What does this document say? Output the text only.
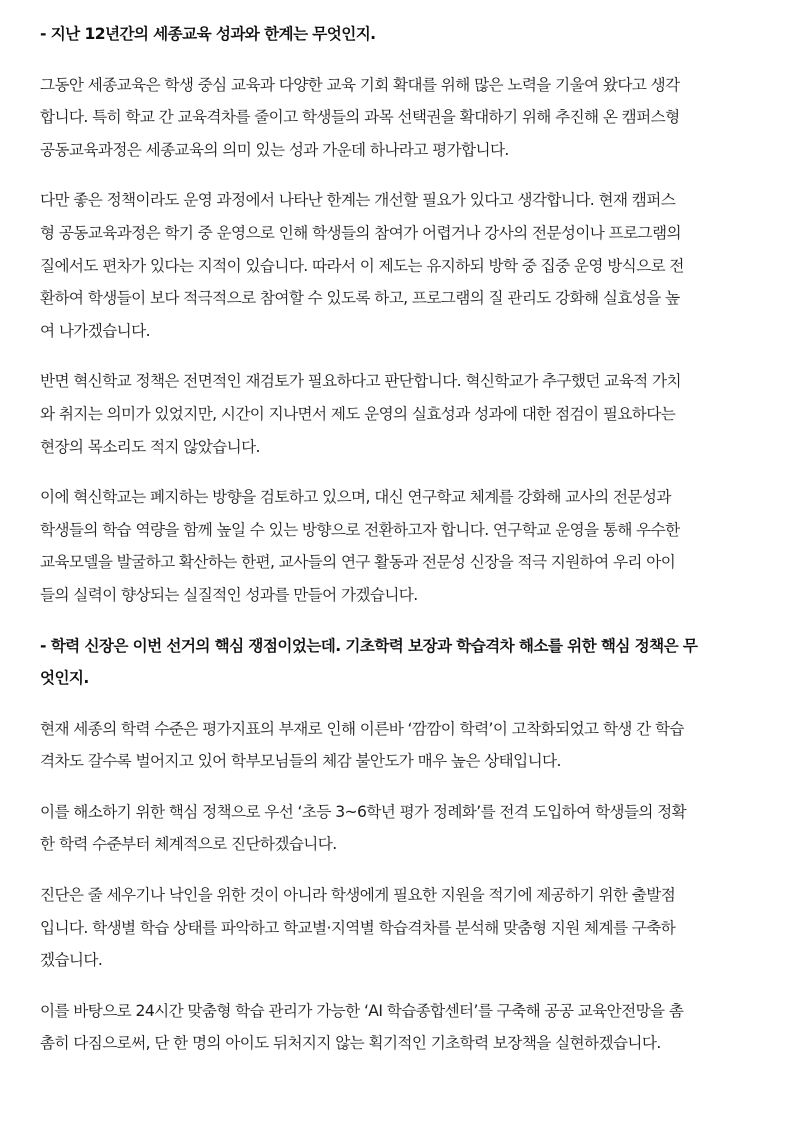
- 지난 12년간의 세종교육 성과와 한계는 무엇인지.

그동안 세종교육은 학생 중심 교육과 다양한 교육 기회 확대를 위해 많은 노력을 기울여 왔다고 생각
합니다. 특히 학교 간 교육격차를 줄이고 학생들의 과목 선택권을 확대하기 위해 추진해 온 캠퍼스형
공동교육과정은 세종교육의 의미 있는 성과 가운데 하나라고 평가합니다.

다만 좋은 정책이라도 운영 과정에서 나타난 한계는 개선할 필요가 있다고 생각합니다. 현재 캠퍼스
형 공동교육과정은 학기 중 운영으로 인해 학생들의 참여가 어렵거나 강사의 전문성이나 프로그램의
질에서도 편차가 있다는 지적이 있습니다. 따라서 이 제도는 유지하되 방학 중 집중 운영 방식으로 전
환하여 학생들이 보다 적극적으로 참여할 수 있도록 하고, 프로그램의 질 관리도 강화해 실효성을 높
여 나가겠습니다.

반면 혁신학교 정책은 전면적인 재검토가 필요하다고 판단합니다. 혁신학교가 추구했던 교육적 가치
와 취지는 의미가 있었지만, 시간이 지나면서 제도 운영의 실효성과 성과에 대한 점검이 필요하다는
현장의 목소리도 적지 않았습니다.

이에 혁신학교는 폐지하는 방향을 검토하고 있으며, 대신 연구학교 체계를 강화해 교사의 전문성과
학생들의 학습 역량을 함께 높일 수 있는 방향으로 전환하고자 합니다. 연구학교 운영을 통해 우수한
교육모델을 발굴하고 확산하는 한편, 교사들의 연구 활동과 전문성 신장을 적극 지원하여 우리 아이
들의 실력이 향상되는 실질적인 성과를 만들어 가겠습니다.

- 학력 신장은 이번 선거의 핵심 쟁점이었는데. 기초학력 보장과 학습격차 해소를 위한 핵심 정책은 무
엇인지.

현재 세종의 학력 수준은 평가지표의 부재로 인해 이른바 ‘깜깜이 학력’이 고착화되었고 학생 간 학습
격차도 갈수록 벌어지고 있어 학부모님들의 체감 불안도가 매우 높은 상태입니다.

이를 해소하기 위한 핵심 정책으로 우선 ‘초등 3~6학년 평가 정례화’를 전격 도입하여 학생들의 정확
한 학력 수준부터 체계적으로 진단하겠습니다.

진단은 줄 세우기나 낙인을 위한 것이 아니라 학생에게 필요한 지원을 적기에 제공하기 위한 출발점
입니다. 학생별 학습 상태를 파악하고 학교별·지역별 학습격차를 분석해 맞춤형 지원 체계를 구축하
겠습니다.

이를 바탕으로 24시간 맞춤형 학습 관리가 가능한 ‘AI 학습종합센터’를 구축해 공공 교육안전망을 촘
촘히 다짐으로써, 단 한 명의 아이도 뒤처지지 않는 획기적인 기초학력 보장책을 실현하겠습니다.
